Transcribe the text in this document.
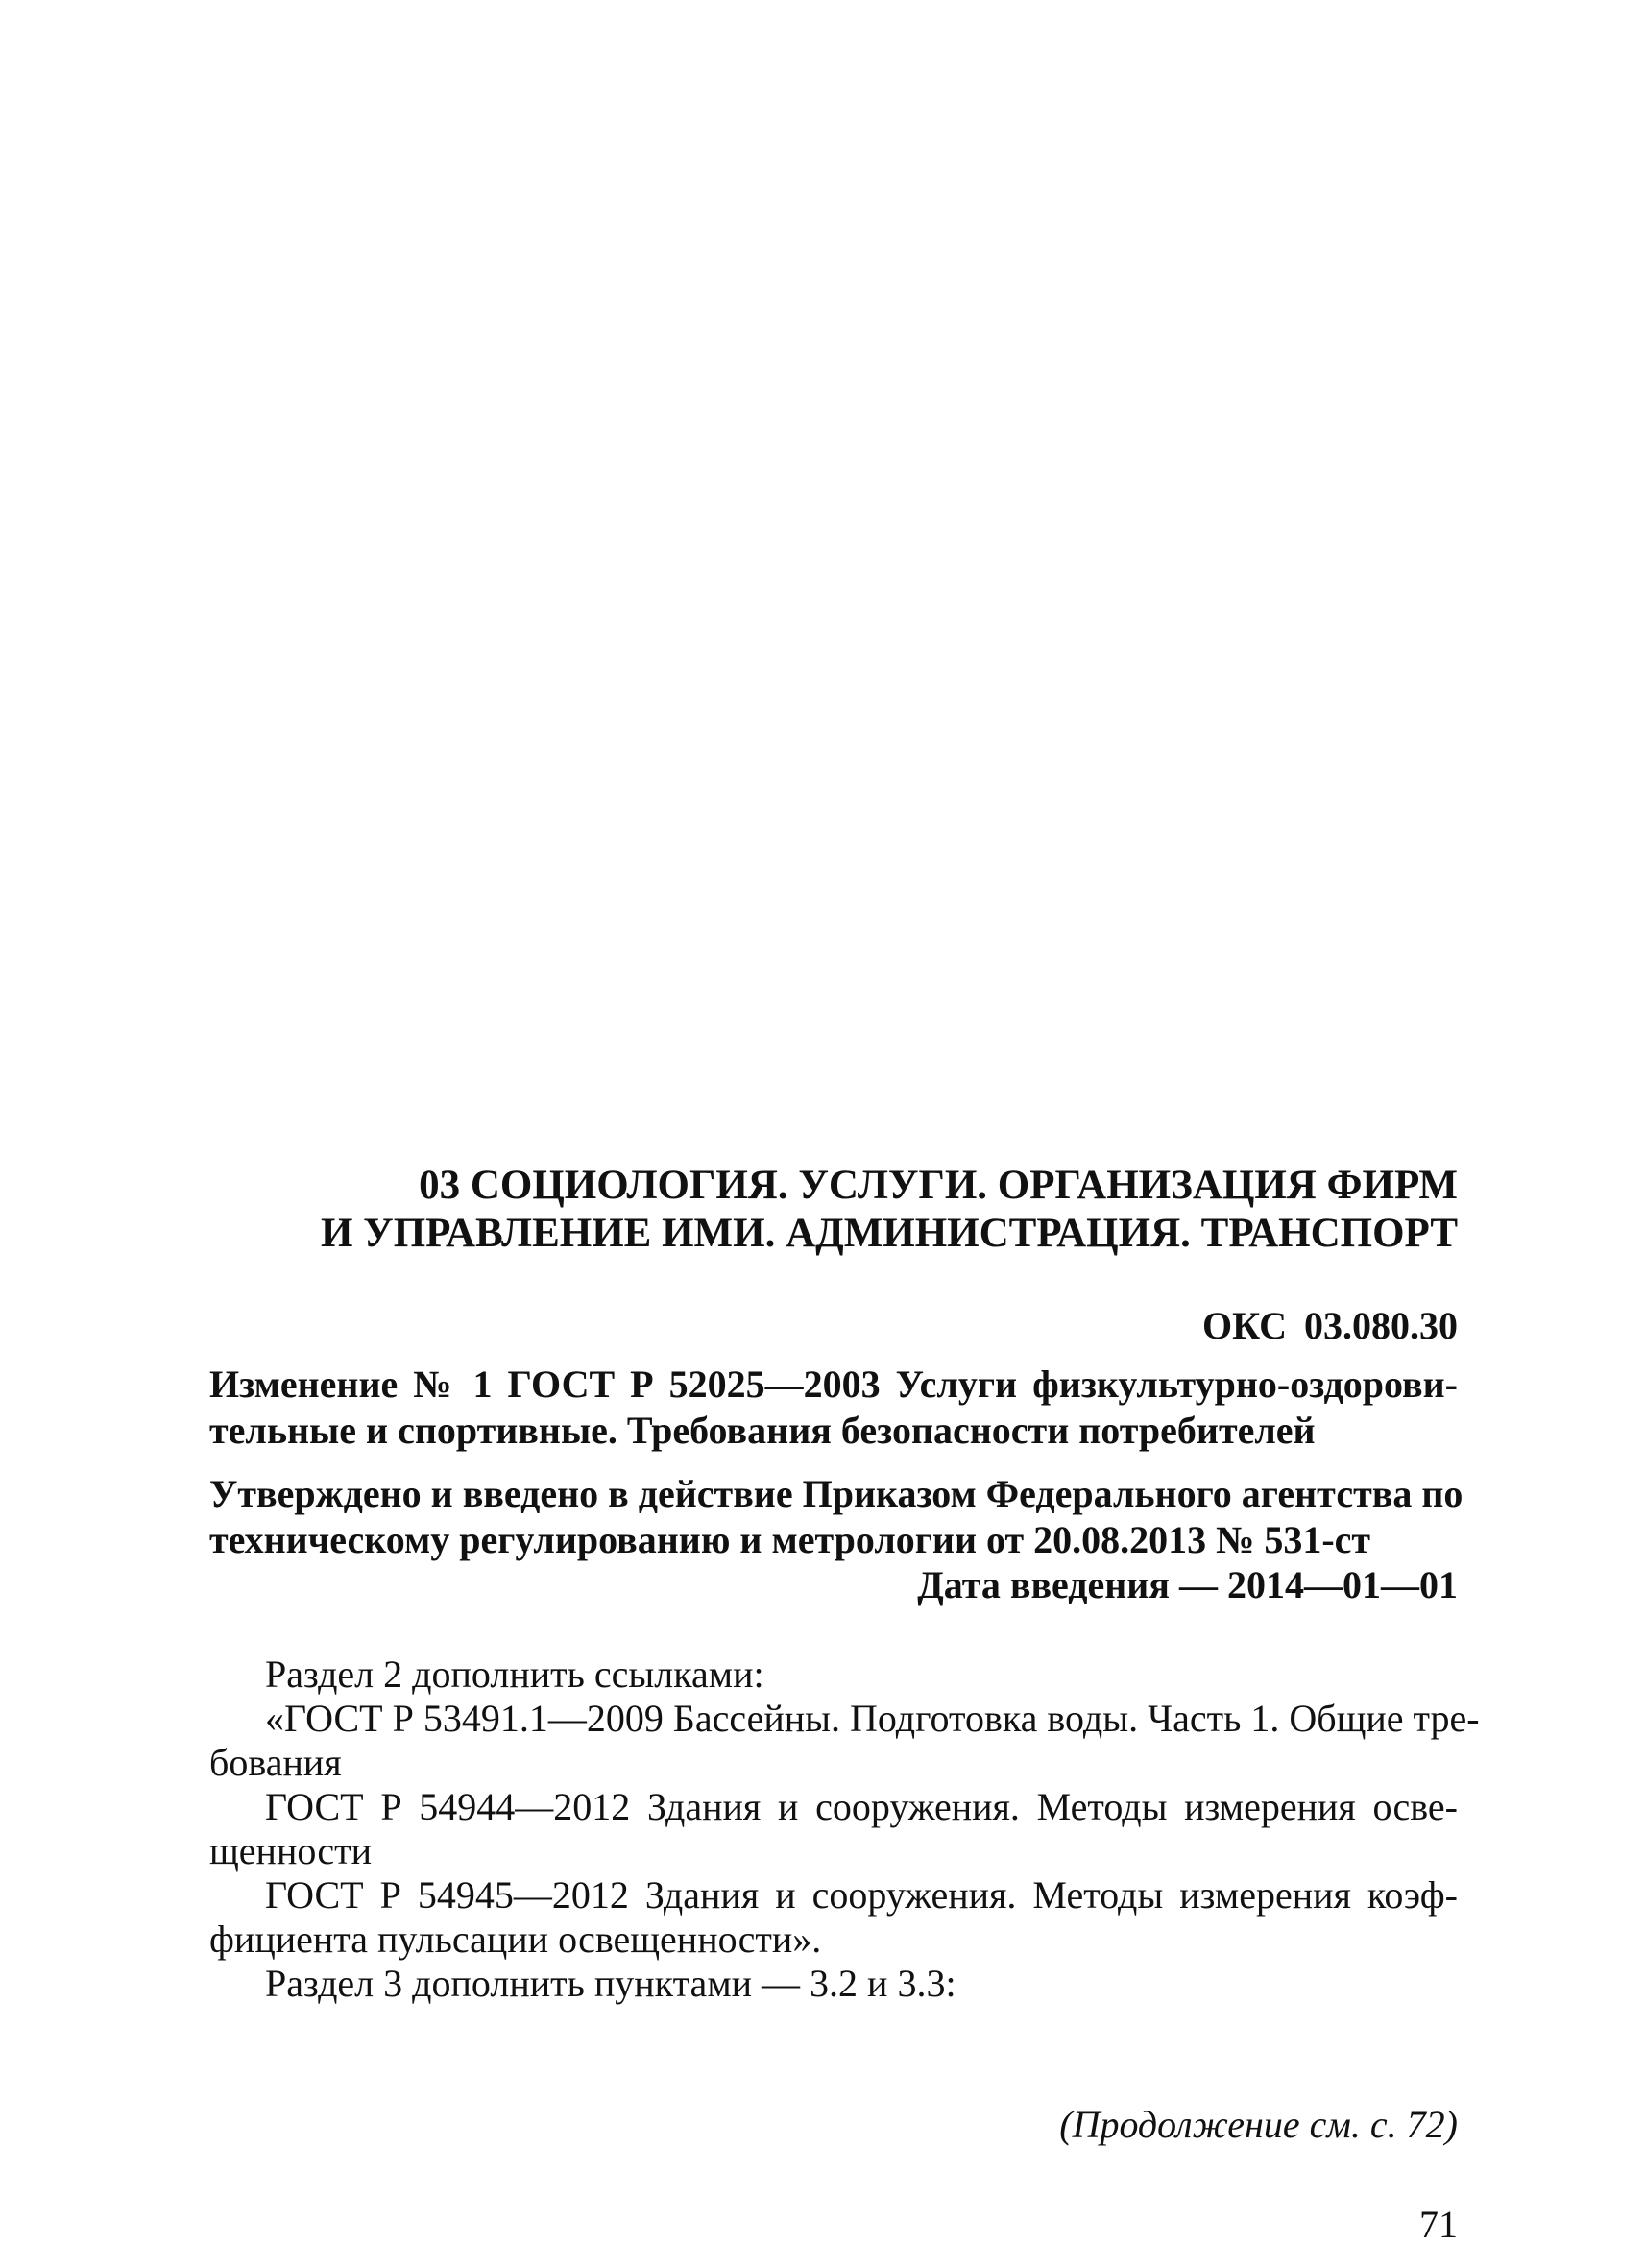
03 СОЦИОЛОГИЯ. УСЛУГИ. ОРГАНИЗАЦИЯ ФИРМ
И УПРАВЛЕНИЕ ИМИ. АДМИНИСТРАЦИЯ. ТРАНСПОРТ
ОКС 03.080.30
Изменение № 1 ГОСТ Р 52025—2003 Услуги физкультурно-оздорови-
тельные и спортивные. Требования безопасности потребителей
Утверждено и введено в действие Приказом Федерального агентства по
техническому регулированию и метрологии от 20.08.2013 № 531-ст
Дата введения — 2014—01—01
Раздел 2 дополнить ссылками:
«ГОСТ Р 53491.1—2009 Бассейны. Подготовка воды. Часть 1. Общие тре-
бования
ГОСТ Р 54944—2012 Здания и сооружения. Методы измерения осве-
щенности
ГОСТ Р 54945—2012 Здания и сооружения. Методы измерения коэф-
фициента пульсации освещенности».
Раздел 3 дополнить пунктами — 3.2 и 3.3:
(Продолжение см. с. 72)
71
